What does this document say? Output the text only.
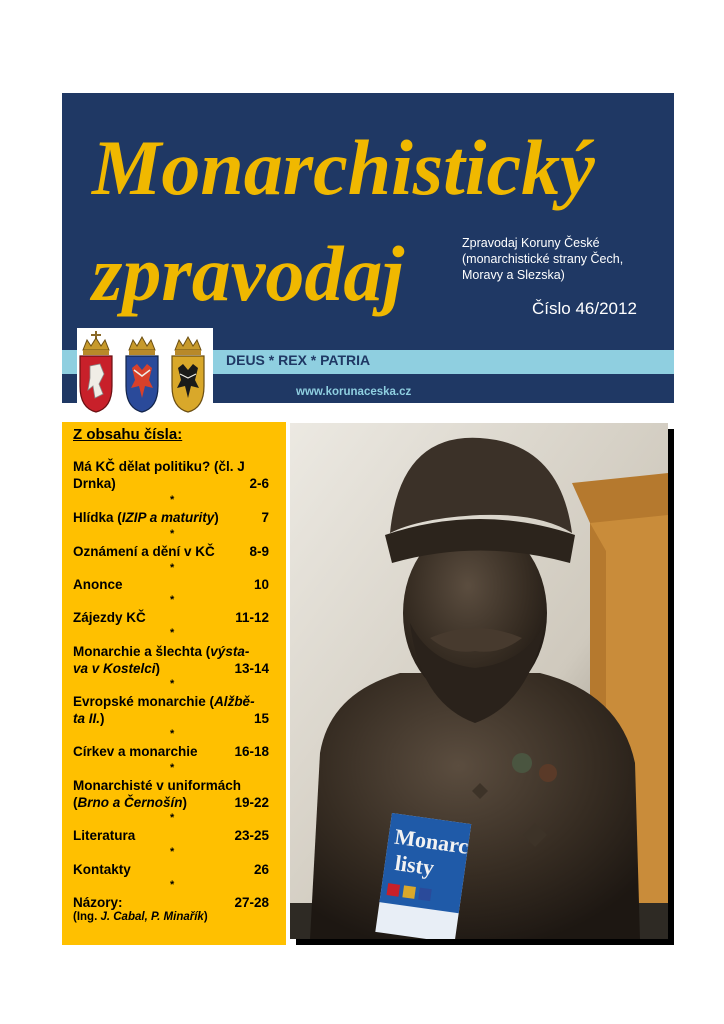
Monarchistický
zpravodaj	Zpravodaj Koruny České
(monarchistické strany Čech,
Moravy a Slezska)
Číslo 46/2012
DEUS * REX * PATRIA
www.korunaceska.cz
Z obsahu čísla:
Má KČ dělat politiku? (čl. J
Drnka)	2-6
*
Hlídka (IZIP a maturity)	7
*
Oznámení a dění v KČ	8-9
*
Anonce	10
*
Zájezdy KČ	11-12
*
Monarchie a šlechta (výsta-
va v Kostelci)	13-14
*
Evropské monarchie (Alžbě-
ta II.)	15
*
Církev a monarchie	16-18
*
Monarchisté v uniformách
(Brno a Černošín)	19-22
*
Literatura	23-25
*
Kontakty	26
*
Názory:	27-28
(Ing. J. Cabal, P. Minařík)
Monarc
listy
